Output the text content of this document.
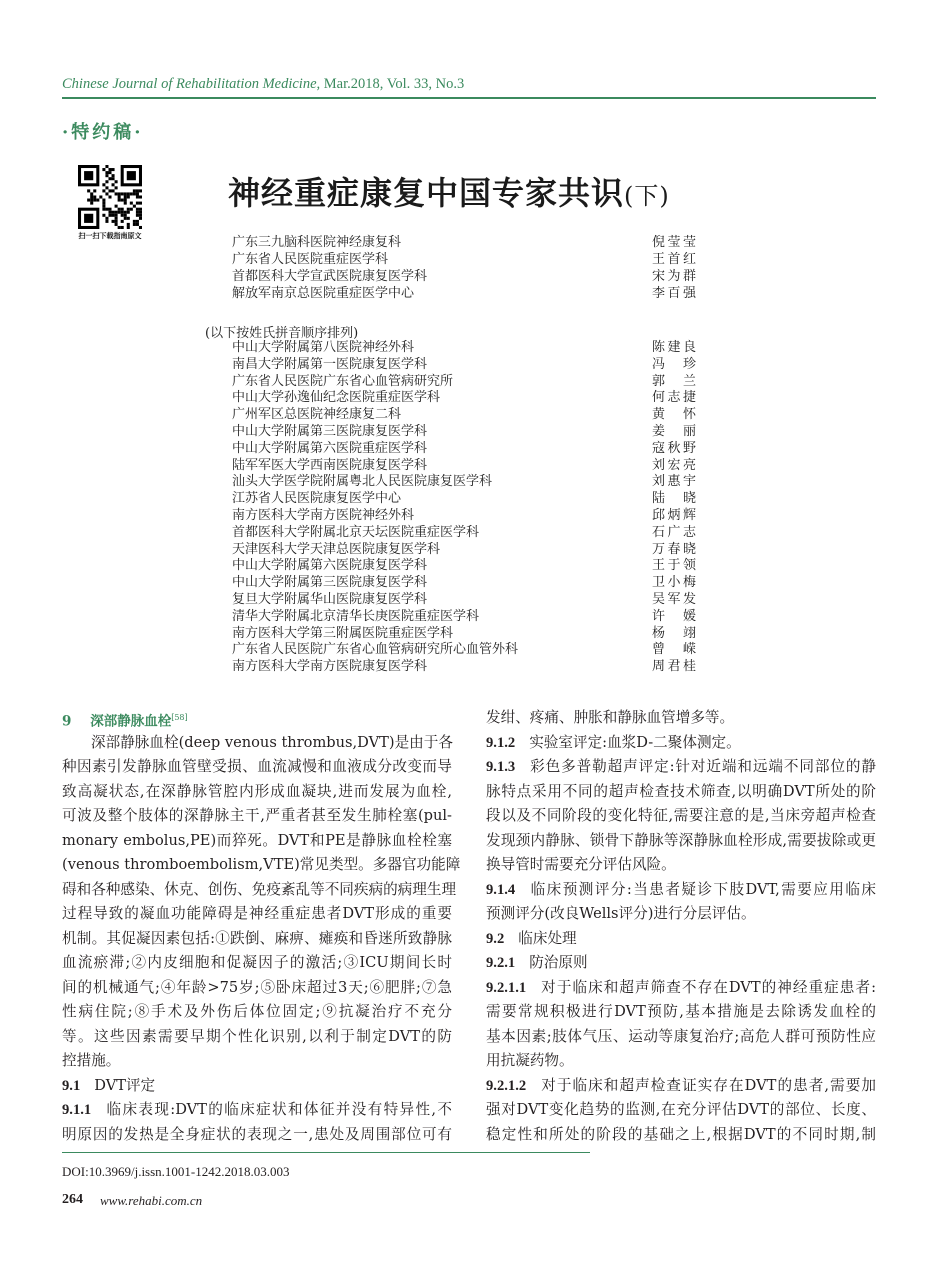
Chinese Journal of Rehabilitation Medicine, Mar.2018, Vol. 33, No.3
·特约稿·
扫一扫下载指南原文
神经重症康复中国专家共识(下)
广东三九脑科医院神经康复科	倪莹莹
广东省人民医院重症医学科	王首红
首都医科大学宣武医院康复医学科	宋为群
解放军南京总医院重症医学中心	李百强
中山大学附属第八医院神经外科	陈建良
南昌大学附属第一医院康复医学科	冯珍
广东省人民医院广东省心血管病研究所	郭兰
中山大学孙逸仙纪念医院重症医学科	何志捷
广州军区总医院神经康复二科	黄怀
中山大学附属第三医院康复医学科	姜丽
中山大学附属第六医院重症医学科	寇秋野
陆军军医大学西南医院康复医学科	刘宏亮
汕头大学医学院附属粤北人民医院康复医学科	刘惠宇
江苏省人民医院康复医学中心	陆晓
南方医科大学南方医院神经外科	邱炳辉
首都医科大学附属北京天坛医院重症医学科	石广志
天津医科大学天津总医院康复医学科	万春晓
中山大学附属第六医院康复医学科	王于领
中山大学附属第三医院康复医学科	卫小梅
复旦大学附属华山医院康复医学科	吴军发
清华大学附属北京清华长庚医院重症医学科	许媛
南方医科大学第三附属医院重症医学科	杨翊
广东省人民医院广东省心血管病研究所心血管外科	曾嵘
南方医科大学南方医院康复医学科	周君桂
(以下按姓氏拼音顺序排列)
9 深部静脉血栓[58]
深部静脉血栓(deep venous thrombus,DVT)是由于各
种因素引发静脉血管壁受损、血流减慢和血液成分改变而导
致高凝状态,在深静脉管腔内形成血凝块,进而发展为血栓,
可波及整个肢体的深静脉主干,严重者甚至发生肺栓塞(pul-
monary embolus,PE)而猝死。DVT和PE是静脉血栓栓塞
(venous thromboembolism,VTE)常见类型。多器官功能障
碍和各种感染、休克、创伤、免疫紊乱等不同疾病的病理生理
过程导致的凝血功能障碍是神经重症患者DVT形成的重要
机制。其促凝因素包括:①跌倒、麻痹、瘫痪和昏迷所致静脉
血流瘀滞;②内皮细胞和促凝因子的激活;③ICU期间长时
间的机械通气;④年龄>75岁;⑤卧床超过3天;⑥肥胖;⑦急
性病住院;⑧手术及外伤后体位固定;⑨抗凝治疗不充分
等。这些因素需要早期个性化识别,以利于制定DVT的防
控措施。
9.1 DVT评定
9.1.1 临床表现:DVT的临床症状和体征并没有特异性,不
明原因的发热是全身症状的表现之一,患处及周围部位可有
发绀、疼痛、肿胀和静脉血管增多等。
9.1.2 实验室评定:血浆D-二聚体测定。
9.1.3 彩色多普勒超声评定:针对近端和远端不同部位的静
脉特点采用不同的超声检查技术筛查,以明确DVT所处的阶
段以及不同阶段的变化特征,需要注意的是,当床旁超声检查
发现颈内静脉、锁骨下静脉等深静脉血栓形成,需要拔除或更
换导管时需要充分评估风险。
9.1.4 临床预测评分:当患者疑诊下肢DVT,需要应用临床
预测评分(改良Wells评分)进行分层评估。
9.2 临床处理
9.2.1 防治原则
9.2.1.1 对于临床和超声筛查不存在DVT的神经重症患者:
需要常规积极进行DVT预防,基本措施是去除诱发血栓的
基本因素;肢体气压、运动等康复治疗;高危人群可预防性应
用抗凝药物。
9.2.1.2 对于临床和超声检查证实存在DVT的患者,需要加
强对DVT变化趋势的监测,在充分评估DVT的部位、长度、
稳定性和所处的阶段的基础之上,根据DVT的不同时期,制
DOI:10.3969/j.issn.1001-1242.2018.03.003
264 www.rehabi.com.cn
